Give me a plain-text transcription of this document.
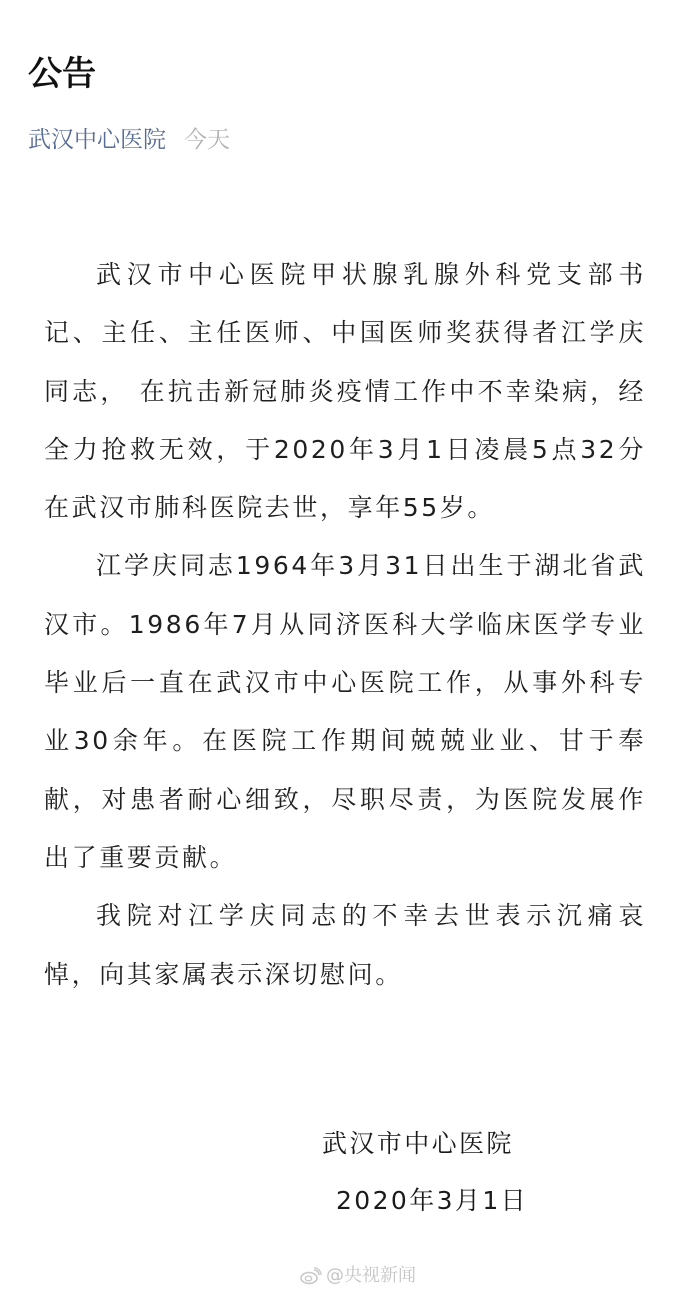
公告
武汉中心医院 今天

武汉市中心医院甲状腺乳腺外科党支部书记、主任、主任医师、中国医师奖获得者江学庆同志， 在抗击新冠肺炎疫情工作中不幸染病，经全力抢救无效，于2020年3月1日凌晨5点32分在武汉市肺科医院去世，享年55岁。

江学庆同志1964年3月31日出生于湖北省武汉市。1986年7月从同济医科大学临床医学专业毕业后一直在武汉市中心医院工作，从事外科专业30余年。在医院工作期间兢兢业业、甘于奉献，对患者耐心细致，尽职尽责，为医院发展作出了重要贡献。

我院对江学庆同志的不幸去世表示沉痛哀悼，向其家属表示深切慰问。

武汉市中心医院
2020年3月1日
@央视新闻
